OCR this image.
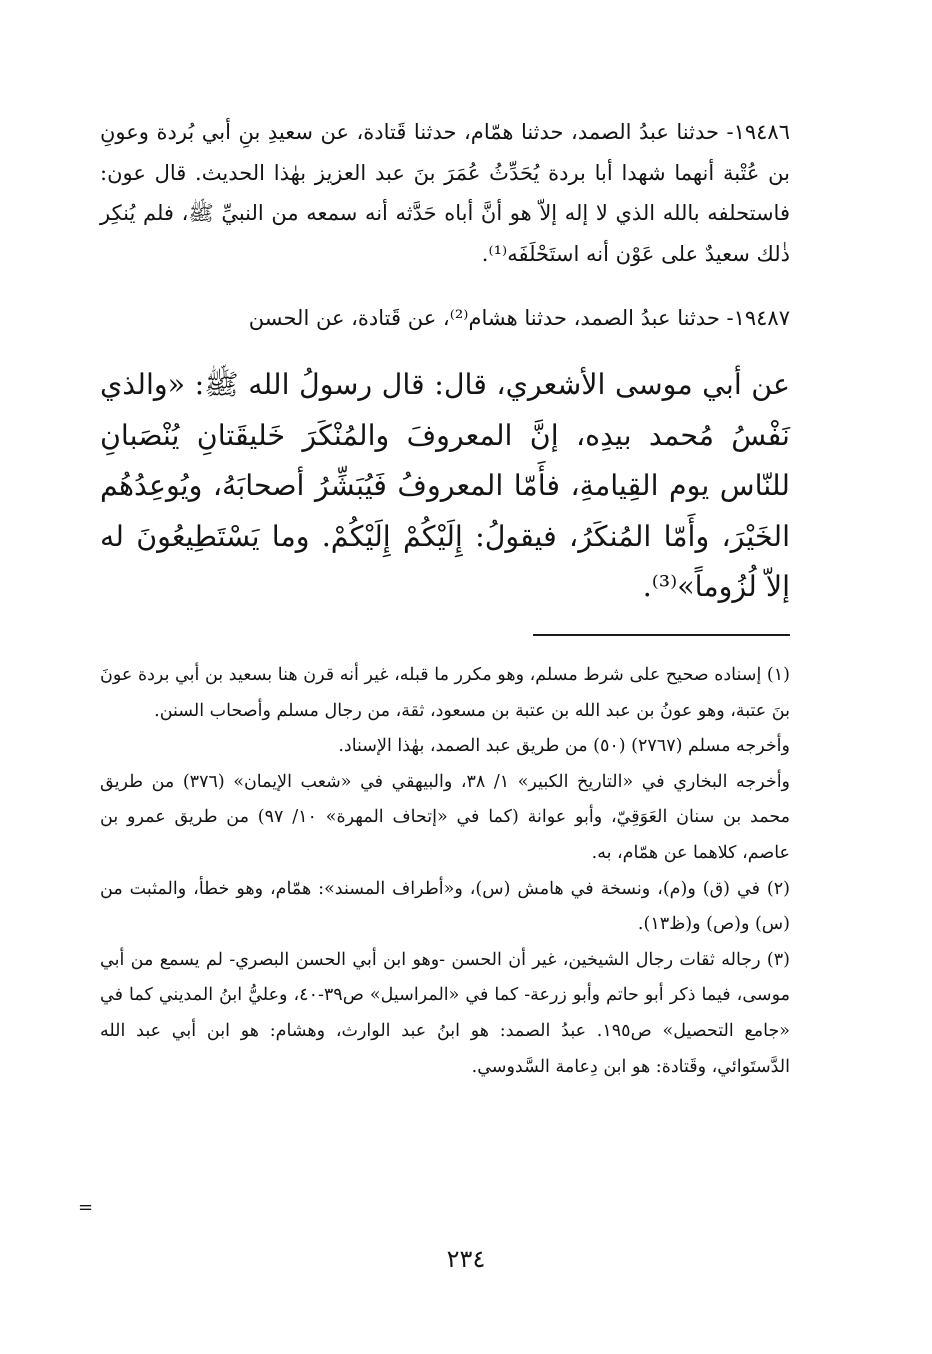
١٩٤٨٦- حدثنا عبدُ الصمد، حدثنا همّام، حدثنا قَتادة، عن سعيدِ بنِ أبي بُردة وعونِ بن عُتْبة أنهما شهدا أبا بردة يُحَدِّثُ عُمَرَ بنَ عبد العزيز بهٰذا الحديث. قال عون: فاستحلفه بالله الذي لا إله إلاّ هو أنَّ أباه حَدَّثه أنه سمعه من النبيِّ ﷺ، فلم يُنكِر ذٰلك سعيدٌ على عَوْن أنه استَحْلَفَه⁽¹⁾.
١٩٤٨٧- حدثنا عبدُ الصمد، حدثنا هشام⁽²⁾، عن قَتادة، عن الحسن
عن أبي موسى الأشعري، قال: قال رسولُ الله ﷺ: «والذي نَفْسُ مُحمد بيدِه، إنَّ المعروفَ والمُنْكَرَ خَليقَتانِ يُنْصَبانِ للنّاس يوم القِيامةِ، فأَمّا المعروفُ فَيُبَشِّرُ أصحابَهُ، ويُوعِدُهُم الخَيْرَ، وأَمّا المُنكَرُ، فيقولُ: إِلَيْكُمْ إِلَيْكُمْ. وما يَسْتَطِيعُونَ له إلاّ لُزُوماً»⁽³⁾.

(١) إسناده صحيح على شرط مسلم، وهو مكرر ما قبله، غير أنه قرن هنا بسعيد بن أبي بردة عونَ بنَ عتبة، وهو عونُ بن عبد الله بن عتبة بن مسعود، ثقة، من رجال مسلم وأصحاب السنن.

وأخرجه مسلم (٢٧٦٧) (٥٠) من طريق عبد الصمد، بهٰذا الإسناد.

وأخرجه البخاري في «التاريخ الكبير» ١/ ٣٨، والبيهقي في «شعب الإيمان» (٣٧٦) من طريق محمد بن سنان العَوَقِيّ، وأبو عوانة (كما في «إتحاف المهرة» ١٠/ ٩٧) من طريق عمرو بن عاصم، كلاهما عن همّام، به.

(٢) في (ق) و(م)، ونسخة في هامش (س)، و«أطراف المسند»: همّام، وهو خطأ، والمثبت من (س) و(ص) و(ظ١٣).

(٣) رجاله ثقات رجال الشيخين، غير أن الحسن -وهو ابن أبي الحسن البصري- لم يسمع من أبي موسى، فيما ذكر أبو حاتم وأبو زرعة- كما في «المراسيل» ص٣٩-٤٠، وعليُّ ابنُ المديني كما في «جامع التحصيل» ص١٩٥. عبدُ الصمد: هو ابنُ عبد الوارث، وهشام: هو ابن أبي عبد الله الدَّستَوائي، وقَتادة: هو ابن دِعامة السَّدوسي.

=
٢٣٤
